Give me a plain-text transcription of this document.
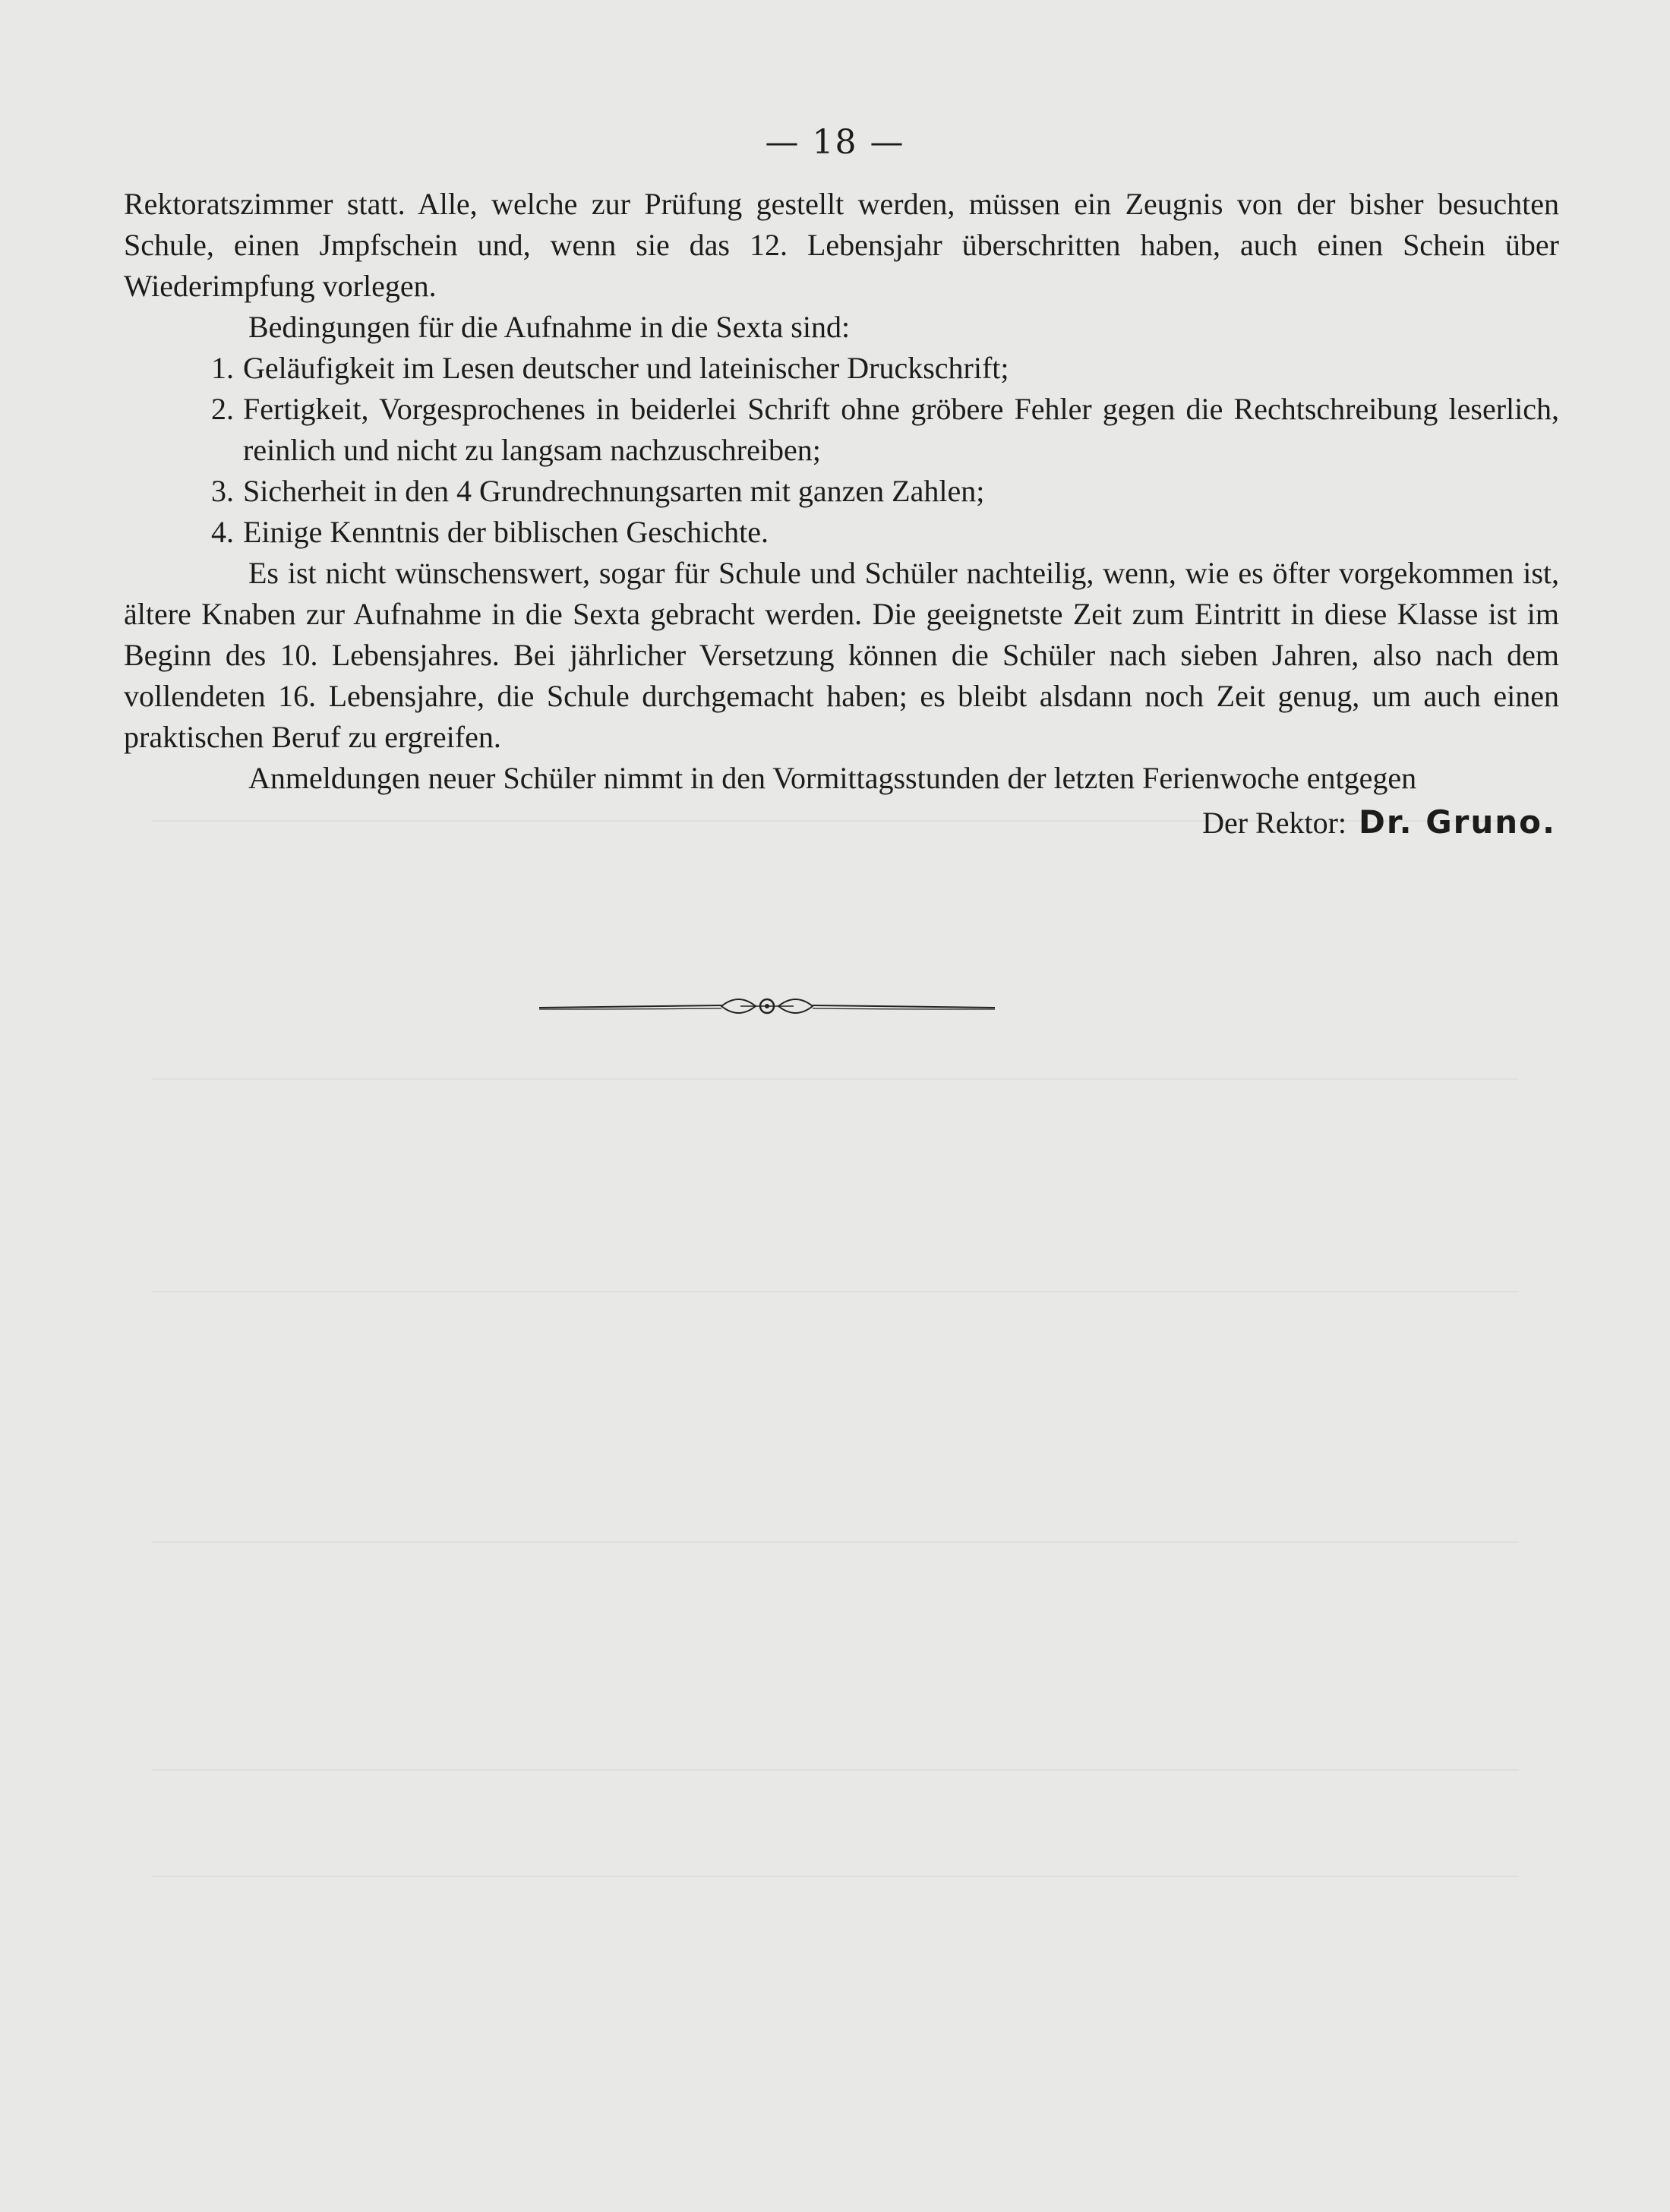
— 18 —

Rektoratszimmer statt. Alle, welche zur Prüfung gestellt werden, müssen ein Zeugnis von der bisher besuchten Schule, einen Jmpfschein und, wenn sie das 12. Lebensjahr überschritten haben, auch einen Schein über Wiederimpfung vorlegen.

Bedingungen für die Aufnahme in die Sexta sind:

1. Geläufigkeit im Lesen deutscher und lateinischer Druckschrift;
2. Fertigkeit, Vorgesprochenes in beiderlei Schrift ohne gröbere Fehler gegen die Rechtschreibung leserlich, reinlich und nicht zu langsam nachzuschreiben;
3. Sicherheit in den 4 Grundrechnungsarten mit ganzen Zahlen;
4. Einige Kenntnis der biblischen Geschichte.

Es ist nicht wünschenswert, sogar für Schule und Schüler nachteilig, wenn, wie es öfter vorgekommen ist, ältere Knaben zur Aufnahme in die Sexta gebracht werden. Die geeignetste Zeit zum Eintritt in diese Klasse ist im Beginn des 10. Lebensjahres. Bei jährlicher Versetzung können die Schüler nach sieben Jahren, also nach dem vollendeten 16. Lebensjahre, die Schule durchgemacht haben; es bleibt alsdann noch Zeit genug, um auch einen praktischen Beruf zu ergreifen.

Anmeldungen neuer Schüler nimmt in den Vormittagsstunden der letzten Ferienwoche entgegen

Der Rektor: Dr. Gruno.
